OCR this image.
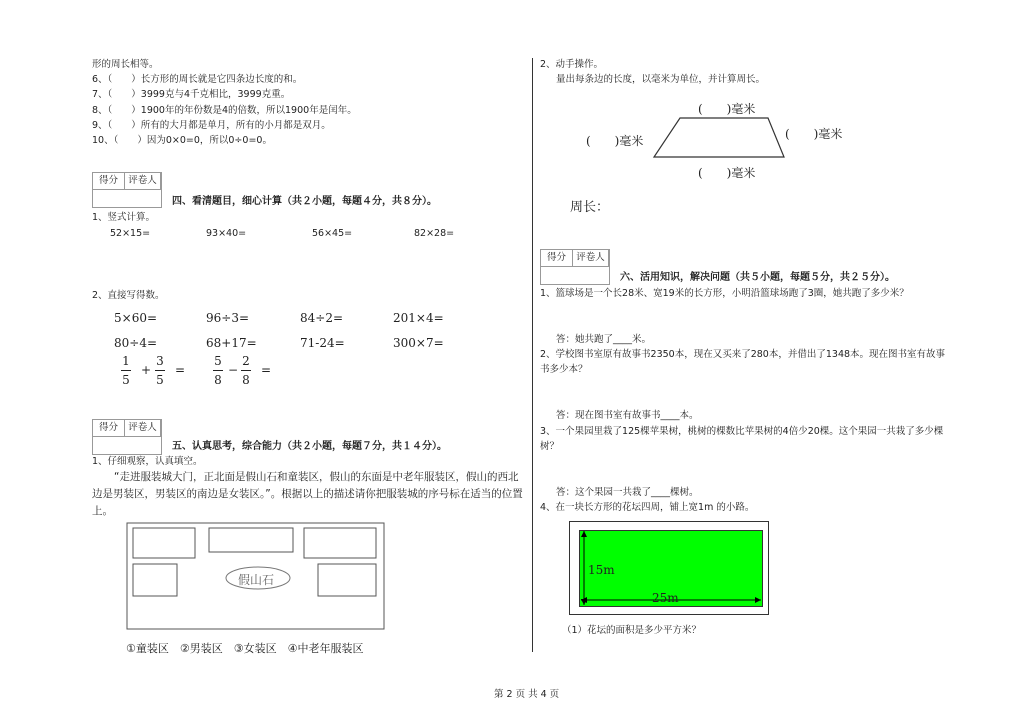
形的周长相等。
6、（　　）长方形的周长就是它四条边长度的和。
7、（　　）3999克与4千克相比，3999克重。
8、（　　）1900年的年份数是4的倍数，所以1900年是闰年。
9、（　　）所有的大月都是单月，所有的小月都是双月。
10、（　　）因为0×0=0，所以0÷0=0。
得分	评卷人
四、看清题目，细心计算（共２小题，每题４分，共８分）。
1、竖式计算。
52×15=	93×40=	56×45=	82×28=
2、直接写得数。
5×60=	96÷3=	84÷2=	201×4=
80÷4=	68+17=	71-24=	300×7=
1
5
+
3
5
=
5
8
−
2
8
=
得分	评卷人
五、认真思考，综合能力（共２小题，每题７分，共１４分）。
1、仔细观察，认真填空。
“走进服装城大门，正北面是假山石和童装区，假山的东面是中老年服装区，假山的西北边是男装区，男装区的南边是女装区。”。根据以上的描述请你把服装城的序号标在适当的位置上。
假山石
①童装区　②男装区　③女装区　④中老年服装区
2、动手操作。
量出每条边的长度，以毫米为单位，并计算周长。
(　　)毫米
(　　)毫米	(　　)毫米
(　　)毫米
周长：
得分	评卷人
六、活用知识，解决问题（共５小题，每题５分，共２５分）。
1、篮球场是一个长28米、宽19米的长方形，小明沿篮球场跑了3圈，她共跑了多少米？
答：她共跑了____米。
2、学校图书室原有故事书2350本，现在又买来了280本，并借出了1348本。现在图书室有故事
书多少本？
答：现在图书室有故事书____本。
3、一个果园里栽了125棵苹果树，桃树的棵数比苹果树的4倍少20棵。这个果园一共栽了多少棵
树？
答：这个果园一共栽了____棵树。
4、在一块长方形的花坛四周，铺上宽1m 的小路。
15m
25m
（1）花坛的面积是多少平方米？
第 2 页 共 4 页
